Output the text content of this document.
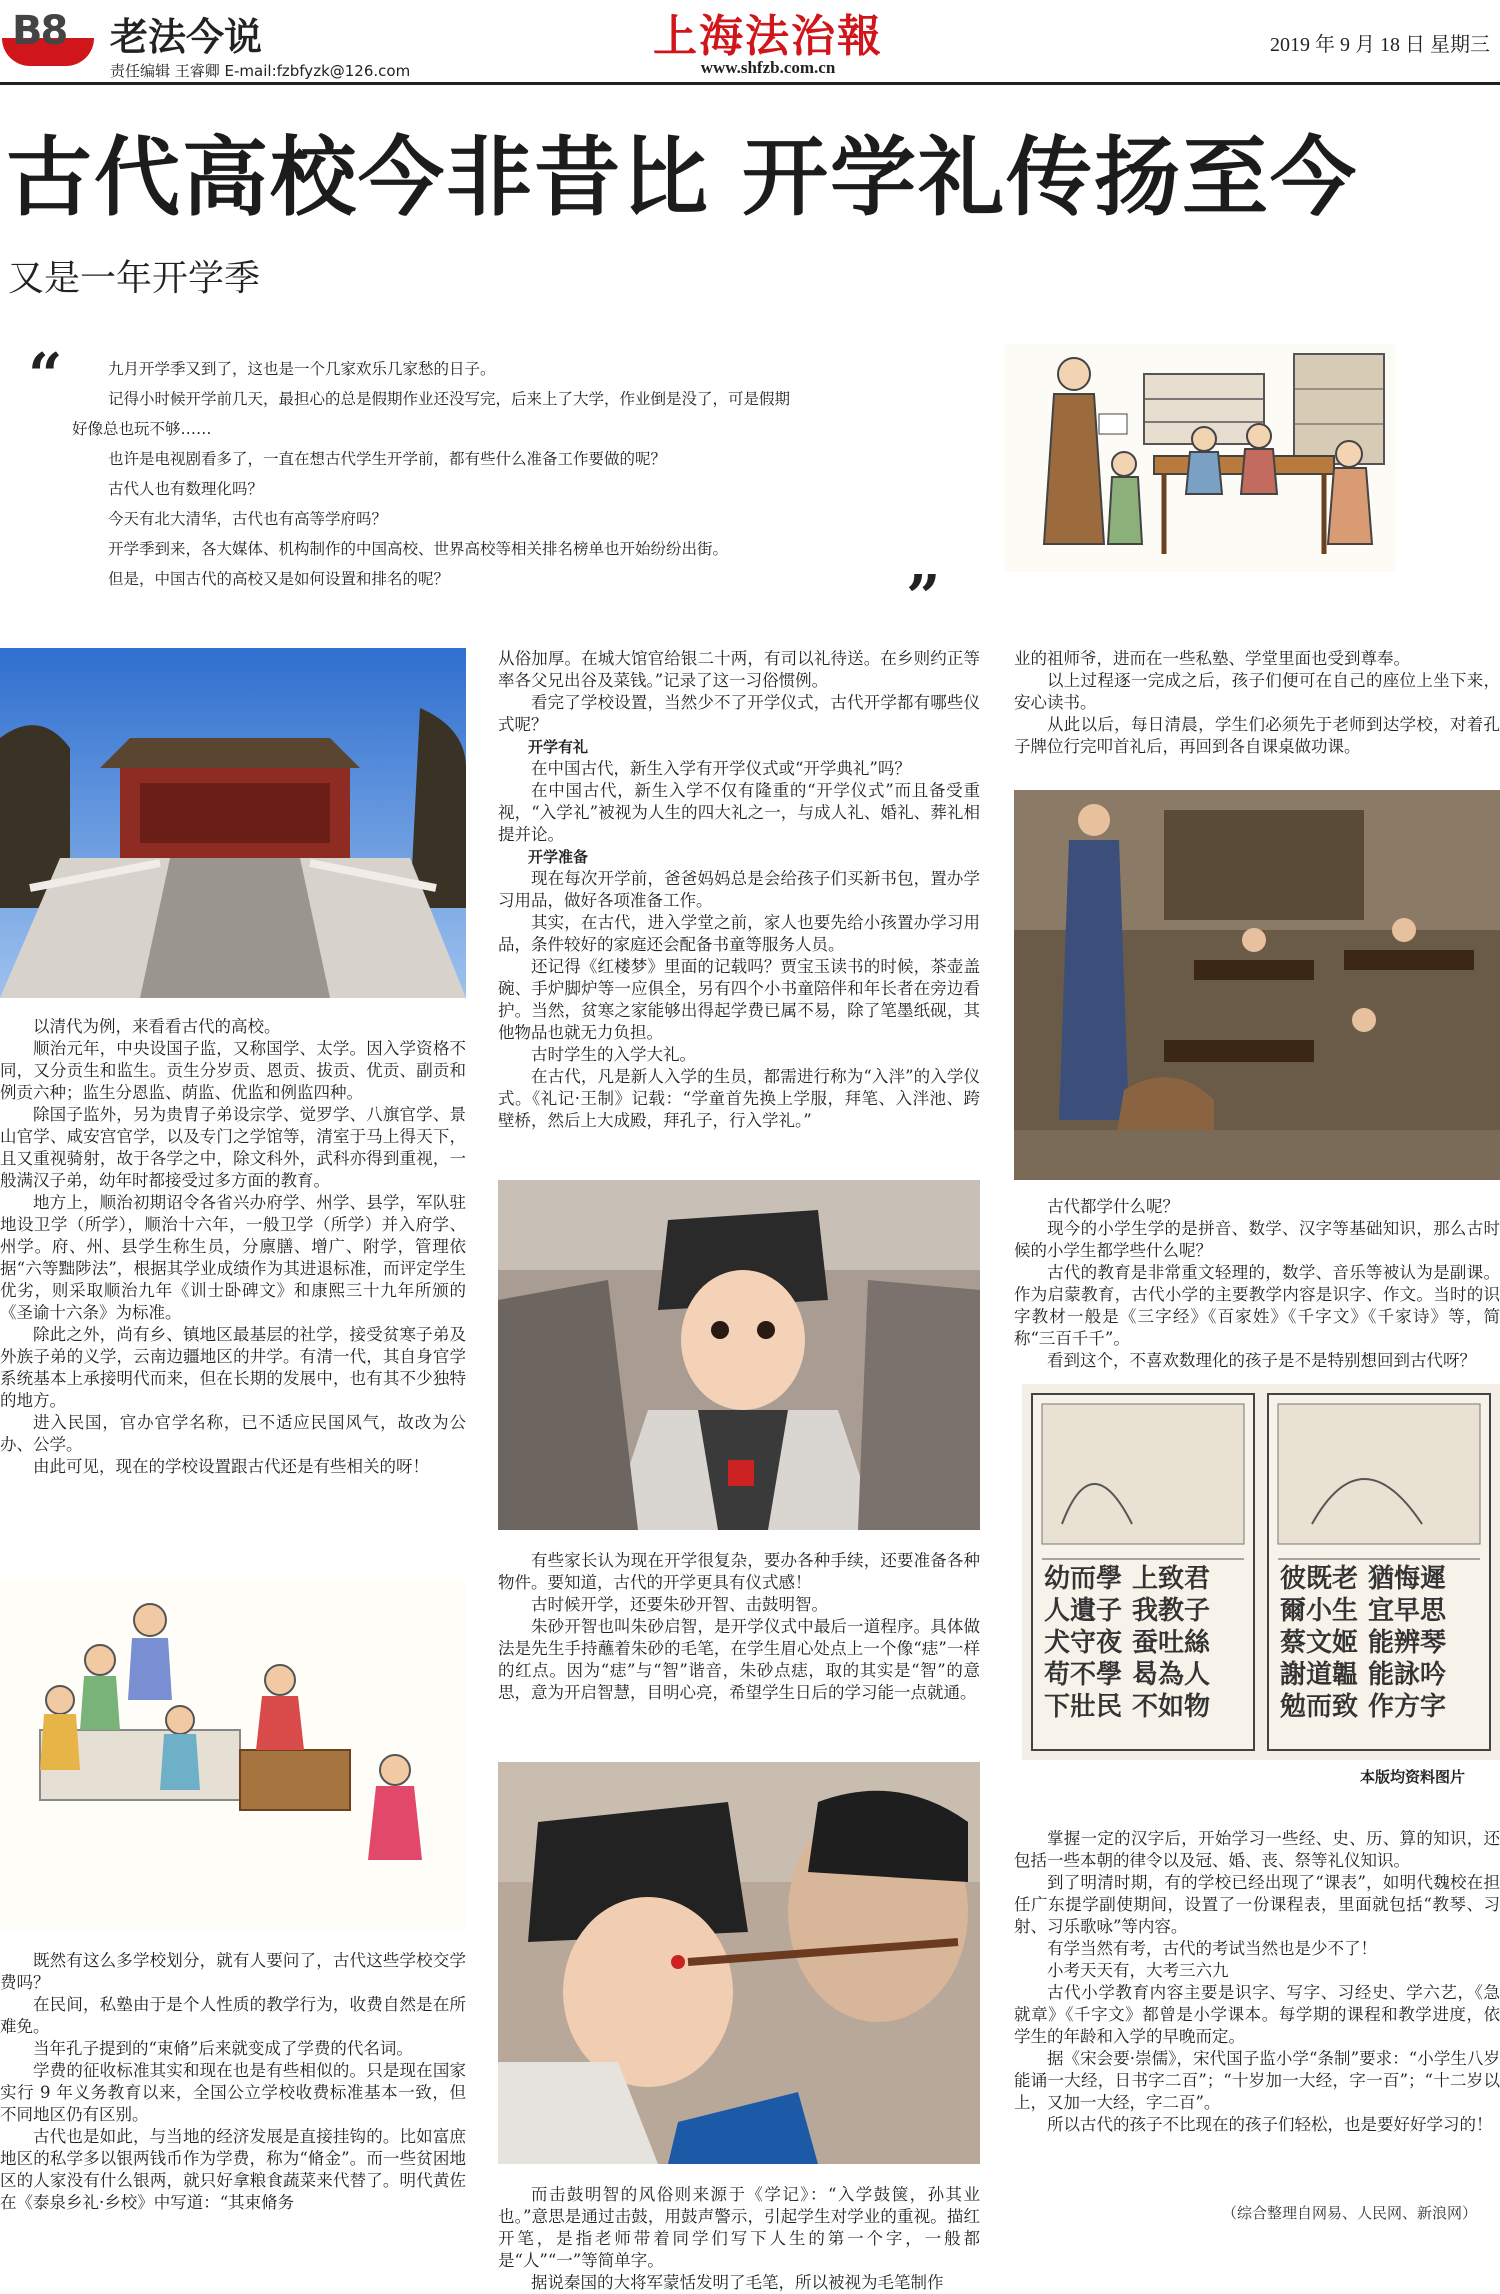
B8 老法今说
责任编辑 王睿卿 E-mail:fzbfyzk@126.com
上海法治報
www.shfzb.com.cn
2019 年 9 月 18 日 星期三
古代高校今非昔比 开学礼传扬至今
又是一年开学季
“	九月开学季又到了，这也是一个几家欢乐几家愁的日子。

记得小时候开学前几天，最担心的总是假期作业还没写完，后来上了大学，作业倒是没了，可是假期

好像总也玩不够……

也许是电视剧看多了，一直在想古代学生开学前，都有些什么准备工作要做的呢？

古代人也有数理化吗？

今天有北大清华，古代也有高等学府吗？

开学季到来，各大媒体、机构制作的中国高校、世界高校等相关排名榜单也开始纷纷出街。

但是，中国古代的高校又是如何设置和排名的呢？	”

以清代为例，来看看古代的高校。

顺治元年，中央设国子监，又称国学、太学。因入学资格不同，又分贡生和监生。贡生分岁贡、恩贡、拔贡、优贡、副贡和例贡六种；监生分恩监、荫监、优监和例监四种。

除国子监外，另为贵胄子弟设宗学、觉罗学、八旗官学、景山官学、咸安宫官学，以及专门之学馆等，清室于马上得天下，且又重视骑射，故于各学之中，除文科外，武科亦得到重视，一般满汉子弟，幼年时都接受过多方面的教育。

地方上，顺治初期诏令各省兴办府学、州学、县学，军队驻地设卫学（所学），顺治十六年，一般卫学（所学）并入府学、州学。府、州、县学生称生员，分廪膳、增广、附学，管理依据“六等黜陟法”，根据其学业成绩作为其进退标准，而评定学生优劣，则采取顺治九年《训士卧碑文》和康熙三十九年所颁的《圣谕十六条》为标准。

除此之外，尚有乡、镇地区最基层的社学，接受贫寒子弟及外族子弟的义学，云南边疆地区的井学。有清一代，其自身官学系统基本上承接明代而来，但在长期的发展中，也有其不少独特的地方。

进入民国，官办官学名称，已不适应民国风气，故改为公办、公学。

由此可见，现在的学校设置跟古代还是有些相关的呀！

既然有这么多学校划分，就有人要问了，古代这些学校交学费吗？

在民间，私塾由于是个人性质的教学行为，收费自然是在所难免。

当年孔子提到的“束脩”后来就变成了学费的代名词。

学费的征收标准其实和现在也是有些相似的。只是现在国家实行 9 年义务教育以来，全国公立学校收费标准基本一致，但不同地区仍有区别。

古代也是如此，与当地的经济发展是直接挂钩的。比如富庶地区的私学多以银两钱币作为学费，称为“脩金”。而一些贫困地区的人家没有什么银两，就只好拿粮食蔬菜来代替了。明代黄佐在《泰泉乡礼·乡校》中写道：“其束脩务

从俗加厚。在城大馆官给银二十两，有司以礼待送。在乡则约正等率各父兄出谷及菜钱。”记录了这一习俗惯例。

看完了学校设置，当然少不了开学仪式，古代开学都有哪些仪式呢？

开学有礼

在中国古代，新生入学有开学仪式或“开学典礼”吗？

在中国古代，新生入学不仅有隆重的“开学仪式”而且备受重视，“入学礼”被视为人生的四大礼之一，与成人礼、婚礼、葬礼相提并论。

开学准备

现在每次开学前，爸爸妈妈总是会给孩子们买新书包，置办学习用品，做好各项准备工作。

其实，在古代，进入学堂之前，家人也要先给小孩置办学习用品，条件较好的家庭还会配备书童等服务人员。

还记得《红楼梦》里面的记载吗？贾宝玉读书的时候，茶壶盖碗、手炉脚炉等一应俱全，另有四个小书童陪伴和年长者在旁边看护。当然，贫寒之家能够出得起学费已属不易，除了笔墨纸砚，其他物品也就无力负担。

古时学生的入学大礼。

在古代，凡是新人入学的生员，都需进行称为“入泮”的入学仪式。《礼记·王制》记载：“学童首先换上学服，拜笔、入泮池、跨壁桥，然后上大成殿，拜孔子，行入学礼。”

有些家长认为现在开学很复杂，要办各种手续，还要准备各种物件。要知道，古代的开学更具有仪式感！

古时候开学，还要朱砂开智、击鼓明智。

朱砂开智也叫朱砂启智，是开学仪式中最后一道程序。具体做法是先生手持蘸着朱砂的毛笔，在学生眉心处点上一个像“痣”一样的红点。因为“痣”与“智”谐音，朱砂点痣，取的其实是“智”的意思，意为开启智慧，目明心亮，希望学生日后的学习能一点就通。

而击鼓明智的风俗则来源于《学记》：“入学鼓箧，孙其业也。”意思是通过击鼓，用鼓声警示，引起学生对学业的重视。描红开笔，是指老师带着同学们写下人生的第一个字，一般都是“人”“一”等简单字。

据说秦国的大将军蒙恬发明了毛笔，所以被视为毛笔制作

业的祖师爷，进而在一些私塾、学堂里面也受到尊奉。

以上过程逐一完成之后，孩子们便可在自己的座位上坐下来，安心读书。

从此以后，每日清晨，学生们必须先于老师到达学校，对着孔子牌位行完叩首礼后，再回到各自课桌做功课。

古代都学什么呢？

现今的小学生学的是拼音、数学、汉字等基础知识，那么古时候的小学生都学些什么呢？

古代的教育是非常重文轻理的，数学、音乐等被认为是副课。作为启蒙教育，古代小学的主要教学内容是识字、作文。当时的识字教材一般是《三字经》《百家姓》《千字文》《千家诗》等，简称“三百千千”。

看到这个，不喜欢数理化的孩子是不是特别想回到古代呀？

幼而學 上致君
人遺子 我教子
犬守夜 蚕吐絲
苟不學 曷為人
下壯民 不如物
彼既老 猶悔遲
爾小生 宜早思
蔡文姬 能辨琴
謝道韞 能詠吟
勉而致 作方字
本版均资料图片

掌握一定的汉字后，开始学习一些经、史、历、算的知识，还包括一些本朝的律令以及冠、婚、丧、祭等礼仪知识。

到了明清时期，有的学校已经出现了“课表”，如明代魏校在担任广东提学副使期间，设置了一份课程表，里面就包括“教琴、习射、习乐歌咏”等内容。

有学当然有考，古代的考试当然也是少不了！

小考天天有，大考三六九

古代小学教育内容主要是识字、写字、习经史、学六艺，《急就章》《千字文》都曾是小学课本。每学期的课程和教学进度，依学生的年龄和入学的早晚而定。

据《宋会要·崇儒》，宋代国子监小学“条制”要求：“小学生八岁能诵一大经，日书字二百”；“十岁加一大经，字一百”；“十二岁以上，又加一大经，字二百”。

所以古代的孩子不比现在的孩子们轻松，也是要好好学习的！

（综合整理自网易、人民网、新浪网）
